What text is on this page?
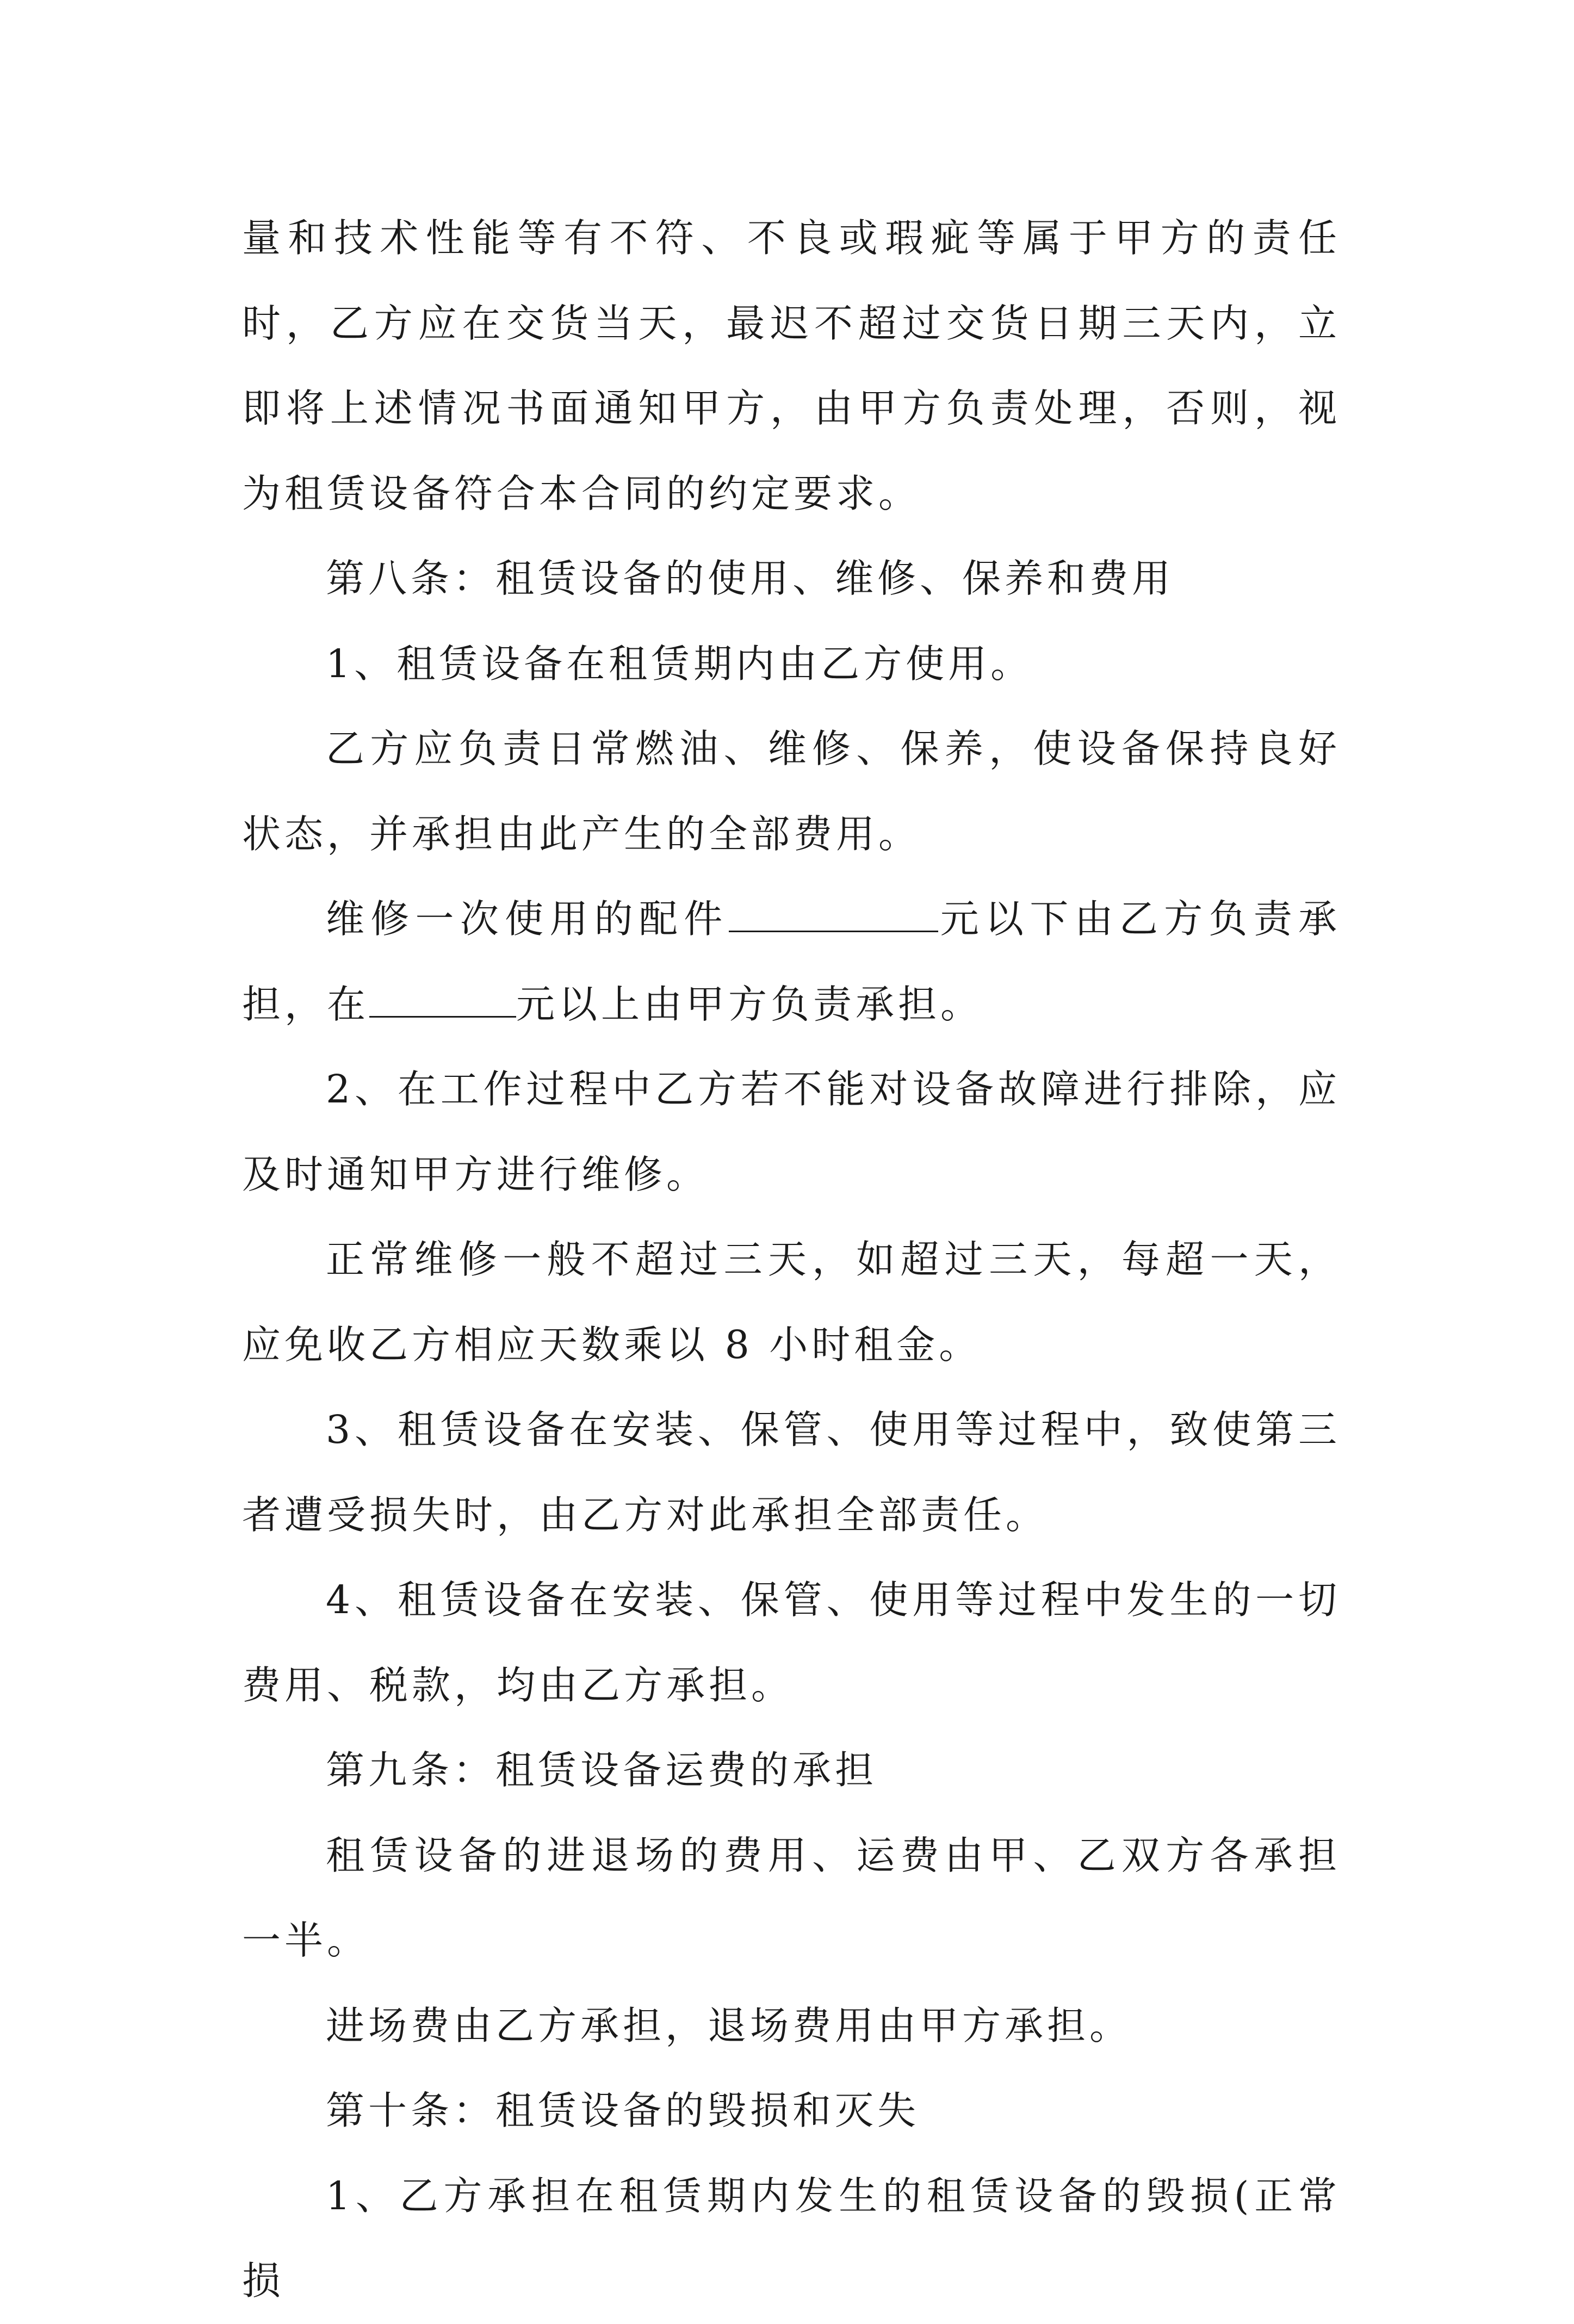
量和技术性能等有不符、不良或瑕疵等属于甲方的责任时，乙方应在交货当天，最迟不超过交货日期三天内，立即将上述情况书面通知甲方，由甲方负责处理，否则，视为租赁设备符合本合同的约定要求。

第八条：租赁设备的使用、维修、保养和费用

1、租赁设备在租赁期内由乙方使用。

乙方应负责日常燃油、维修、保养，使设备保持良好状态，并承担由此产生的全部费用。

维修一次使用的配件	元以下由乙方负责承担，在	元以上由甲方负责承担。

2、在工作过程中乙方若不能对设备故障进行排除，应及时通知甲方进行维修。

正常维修一般不超过三天，如超过三天，每超一天，应免收乙方相应天数乘以 8 小时租金。

3、租赁设备在安装、保管、使用等过程中，致使第三者遭受损失时，由乙方对此承担全部责任。

4、租赁设备在安装、保管、使用等过程中发生的一切费用、税款，均由乙方承担。

第九条：租赁设备运费的承担

租赁设备的进退场的费用、运费由甲、乙双方各承担一半。

进场费由乙方承担，退场费用由甲方承担。

第十条：租赁设备的毁损和灭失

1、乙方承担在租赁期内发生的租赁设备的毁损(正常损
